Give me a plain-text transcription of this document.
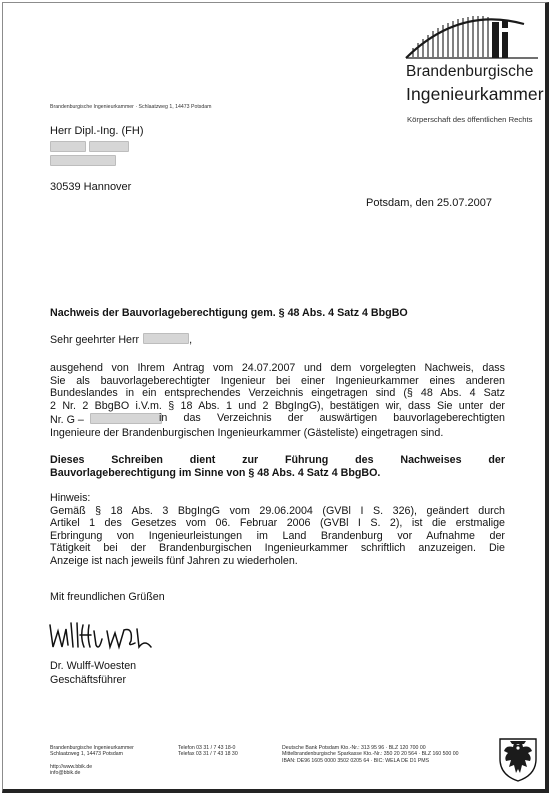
Brandenburgische
Ingenieurkammer
Körperschaft des öffentlichen Rechts
Brandenburgische Ingenieurkammer · Schlaatzweg 1, 14473 Potsdam
Herr Dipl.-Ing. (FH)
30539 Hannover
Potsdam, den 25.07.2007
Nachweis der Bauvorlageberechtigung gem. § 48 Abs. 4 Satz 4 BbgBO
Sehr geehrter Herr	,
ausgehend von Ihrem Antrag vom 24.07.2007 und dem vorgelegten Nachweis, dass
Sie als bauvorlageberechtigter Ingenieur bei einer Ingenieurkammer eines anderen
Bundeslandes in ein entsprechendes Verzeichnis eingetragen sind (§ 48 Abs. 4 Satz
2 Nr. 2 BbgBO i.V.m. § 18 Abs. 1 und 2 BbgIngG), bestätigen wir, dass Sie unter der
Nr. G –	in das Verzeichnis der auswärtigen bauvorlageberechtigten
Ingenieure der Brandenburgischen Ingenieurkammer (Gästeliste) eingetragen sind.
Dieses Schreiben dient zur Führung des Nachweises der
Bauvorlageberechtigung im Sinne von § 48 Abs. 4 Satz 4 BbgBO.
Hinweis:
Gemäß § 18 Abs. 3 BbgIngG vom 29.06.2004 (GVBl I S. 326), geändert durch
Artikel 1 des Gesetzes vom 06. Februar 2006 (GVBl I S. 2), ist die erstmalige
Erbringung von Ingenieurleistungen im Land Brandenburg vor Aufnahme der
Tätigkeit bei der Brandenburgischen Ingenieurkammer schriftlich anzuzeigen. Die
Anzeige ist nach jeweils fünf Jahren zu wiederholen.
Mit freundlichen Grüßen
Dr. Wulff-Woesten
Geschäftsführer
Brandenburgische Ingenieurkammer
Schlaatzweg 1, 14473 Potsdam
http://www.bbik.de
info@bbik.de
Telefon 03 31 / 7 43 18-0
Telefax 03 31 / 7 43 18 30
Deutsche Bank Potsdam Kto.-Nr.: 313 95 96 · BLZ 120 700 00
Mittelbrandenburgische Sparkasse Kto.-Nr.: 350 20 20 564 · BLZ 160 500 00
IBAN: DE96 1605 0000 3502 0205 64 · BIC: WELA DE D1 PMS
